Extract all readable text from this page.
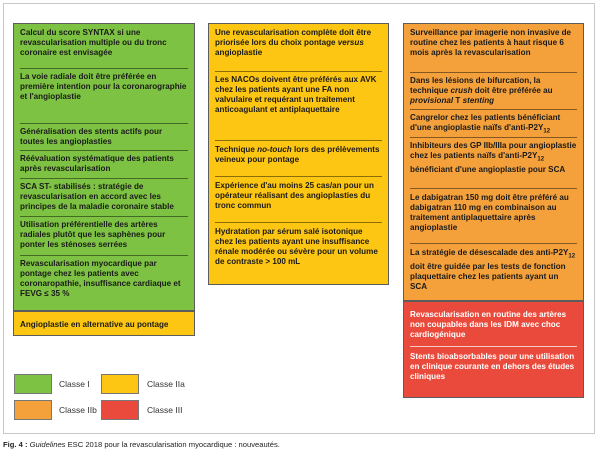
Calcul du score SYNTAX si une revascularisation multiple ou du tronc coronaire est envisagée
La voie radiale doit être préférée en première intention pour la coronarographie et l'angioplastie
Généralisation des stents actifs pour toutes les angioplasties
Réévaluation systématique des patients après revascularisation
SCA ST- stabilisés : stratégie de revascularisation en accord avec les principes de la maladie coronaire stable
Utilisation préférentielle des artères radiales plutôt que les saphènes pour ponter les sténoses serrées
Revascularisation myocardique par pontage chez les patients avec coronaropathie, insuffisance cardiaque et FEVG ≤ 35 %
Angioplastie en alternative au pontage
Une revascularisation complète doit être priorisée lors du choix pontage versus angioplastie
Les NACOs doivent être préférés aux AVK chez les patients ayant une FA non valvulaire et requérant un traitement anticoagulant et antiplaquettaire
Technique no-touch lors des prélèvements veineux pour pontage
Expérience d'au moins 25 cas/an pour un opérateur réalisant des angioplasties du tronc commun
Hydratation par sérum salé isotonique chez les patients ayant une insuffisance rénale modérée ou sévère pour un volume de contraste > 100 mL
Surveillance par imagerie non invasive de routine chez les patients à haut risque 6 mois après la revascularisation
Dans les lésions de bifurcation, la technique crush doit être préférée au provisional T stenting
Cangrelor chez les patients bénéficiant d'une angioplastie naïfs $d'anti-P2Y_{12}$
Inhibiteurs des GP IIb/IIIa pour angioplastie chez les patients naïfs $d'anti-P2Y_{12}$ bénéficiant d'une angioplastie pour SCA
Le dabigatran 150 mg doit être préféré au dabigatran 110 mg en combinaison au traitement antiplaquettaire après angioplastie
La stratégie de désescalade des anti-$P2Y_{12}$ doit être guidée par les tests de fonction plaquettaire chez les patients ayant un SCA
Revascularisation en routine des artères non coupables dans les IDM avec choc cardiogénique
Stents bioabsorbables pour une utilisation en clinique courante en dehors des études cliniques
Classe I	Classe IIa
Classe IIb	Classe III
Fig. 4 : Guidelines ESC 2018 pour la revascularisation myocardique : nouveautés.
